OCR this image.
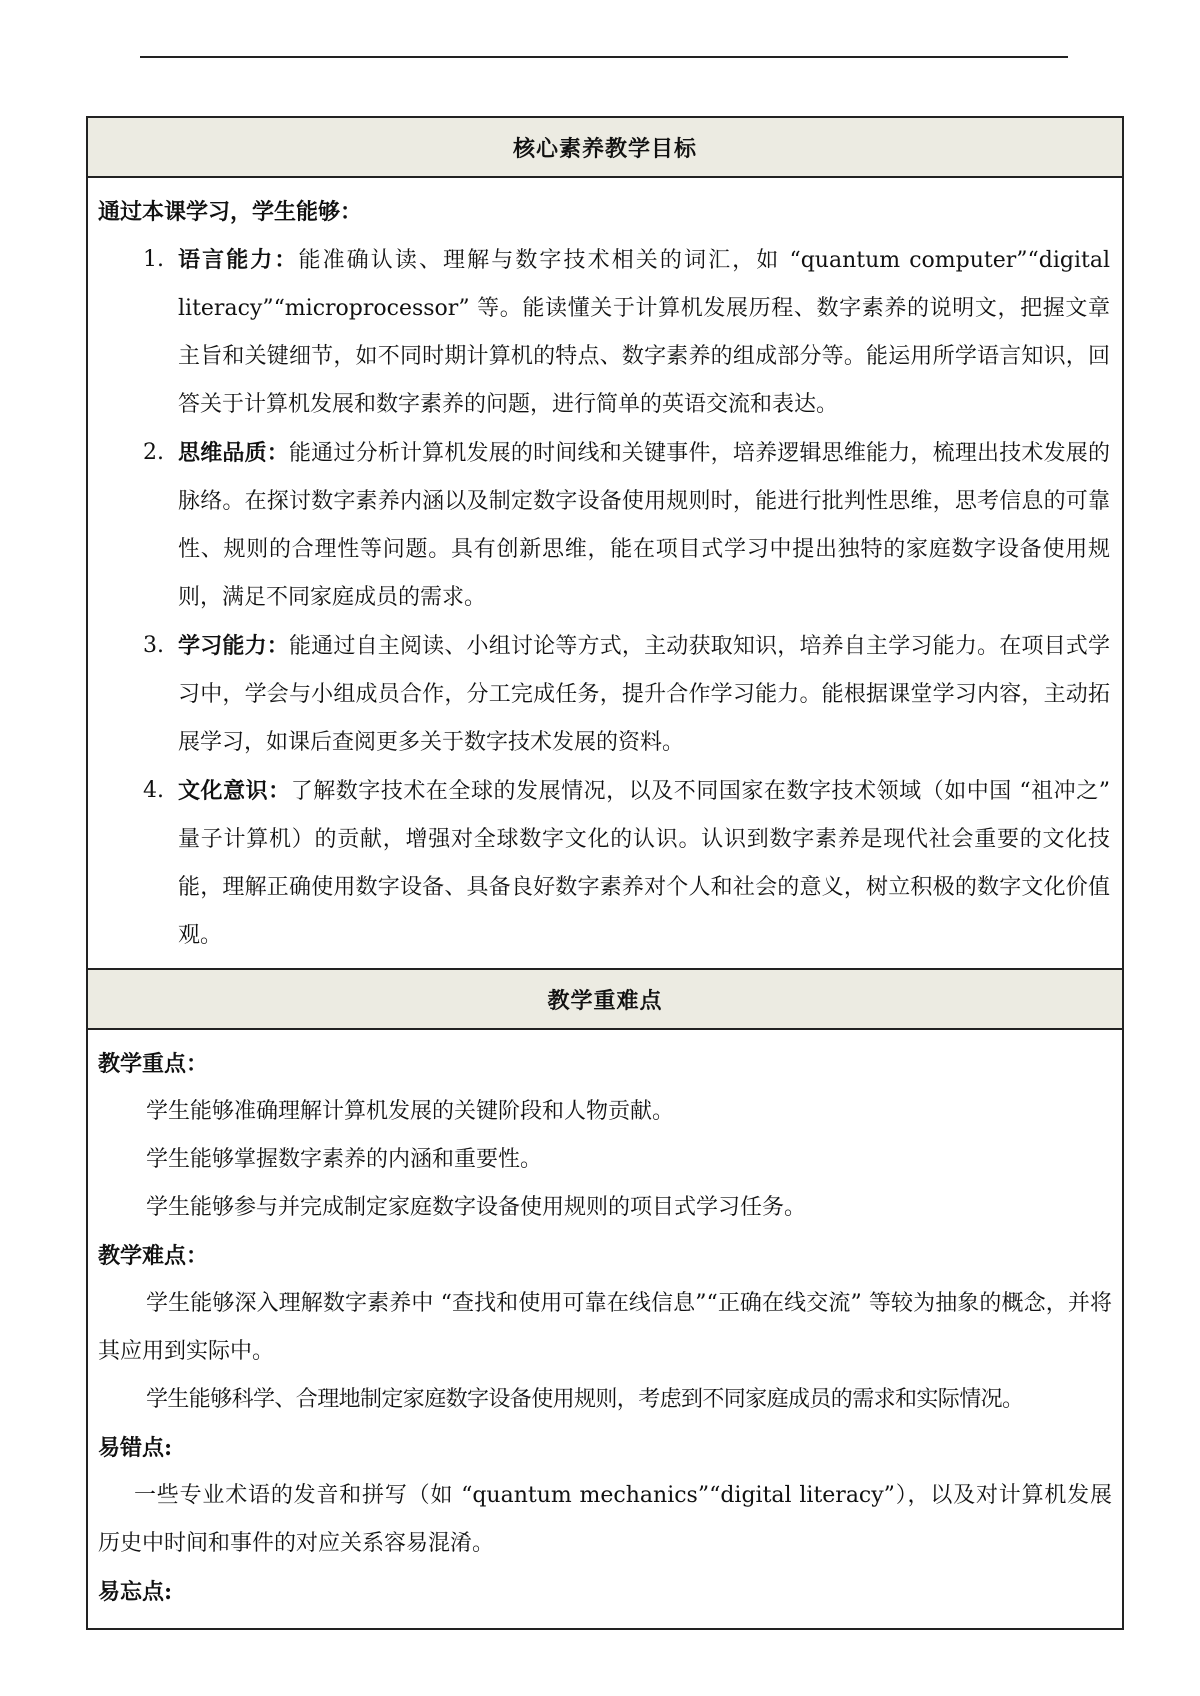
核心素养教学目标
通过本课学习，学生能够：
1. 语言能力：能准确认读、理解与数字技术相关的词汇，如 “quantum computer”“digital literacy”“microprocessor” 等。能读懂关于计算机发展历程、数字素养的说明文，把握文章主旨和关键细节，如不同时期计算机的特点、数字素养的组成部分等。能运用所学语言知识，回答关于计算机发展和数字素养的问题，进行简单的英语交流和表达。
2. 思维品质：能通过分析计算机发展的时间线和关键事件，培养逻辑思维能力，梳理出技术发展的脉络。在探讨数字素养内涵以及制定数字设备使用规则时，能进行批判性思维，思考信息的可靠性、规则的合理性等问题。具有创新思维，能在项目式学习中提出独特的家庭数字设备使用规则，满足不同家庭成员的需求。
3. 学习能力：能通过自主阅读、小组讨论等方式，主动获取知识，培养自主学习能力。在项目式学习中，学会与小组成员合作，分工完成任务，提升合作学习能力。能根据课堂学习内容，主动拓展学习，如课后查阅更多关于数字技术发展的资料。
4. 文化意识：了解数字技术在全球的发展情况，以及不同国家在数字技术领域（如中国 “祖冲之” 量子计算机）的贡献，增强对全球数字文化的认识。认识到数字素养是现代社会重要的文化技能，理解正确使用数字设备、具备良好数字素养对个人和社会的意义，树立积极的数字文化价值观。
教学重难点
教学重点：
学生能够准确理解计算机发展的关键阶段和人物贡献。
学生能够掌握数字素养的内涵和重要性。
学生能够参与并完成制定家庭数字设备使用规则的项目式学习任务。
教学难点：
学生能够深入理解数字素养中 “查找和使用可靠在线信息”“正确在线交流” 等较为抽象的概念，并将其应用到实际中。
学生能够科学、合理地制定家庭数字设备使用规则，考虑到不同家庭成员的需求和实际情况。
易错点:
一些专业术语的发音和拼写（如 “quantum mechanics”“digital literacy”），以及对计算机发展历史中时间和事件的对应关系容易混淆。
易忘点:
